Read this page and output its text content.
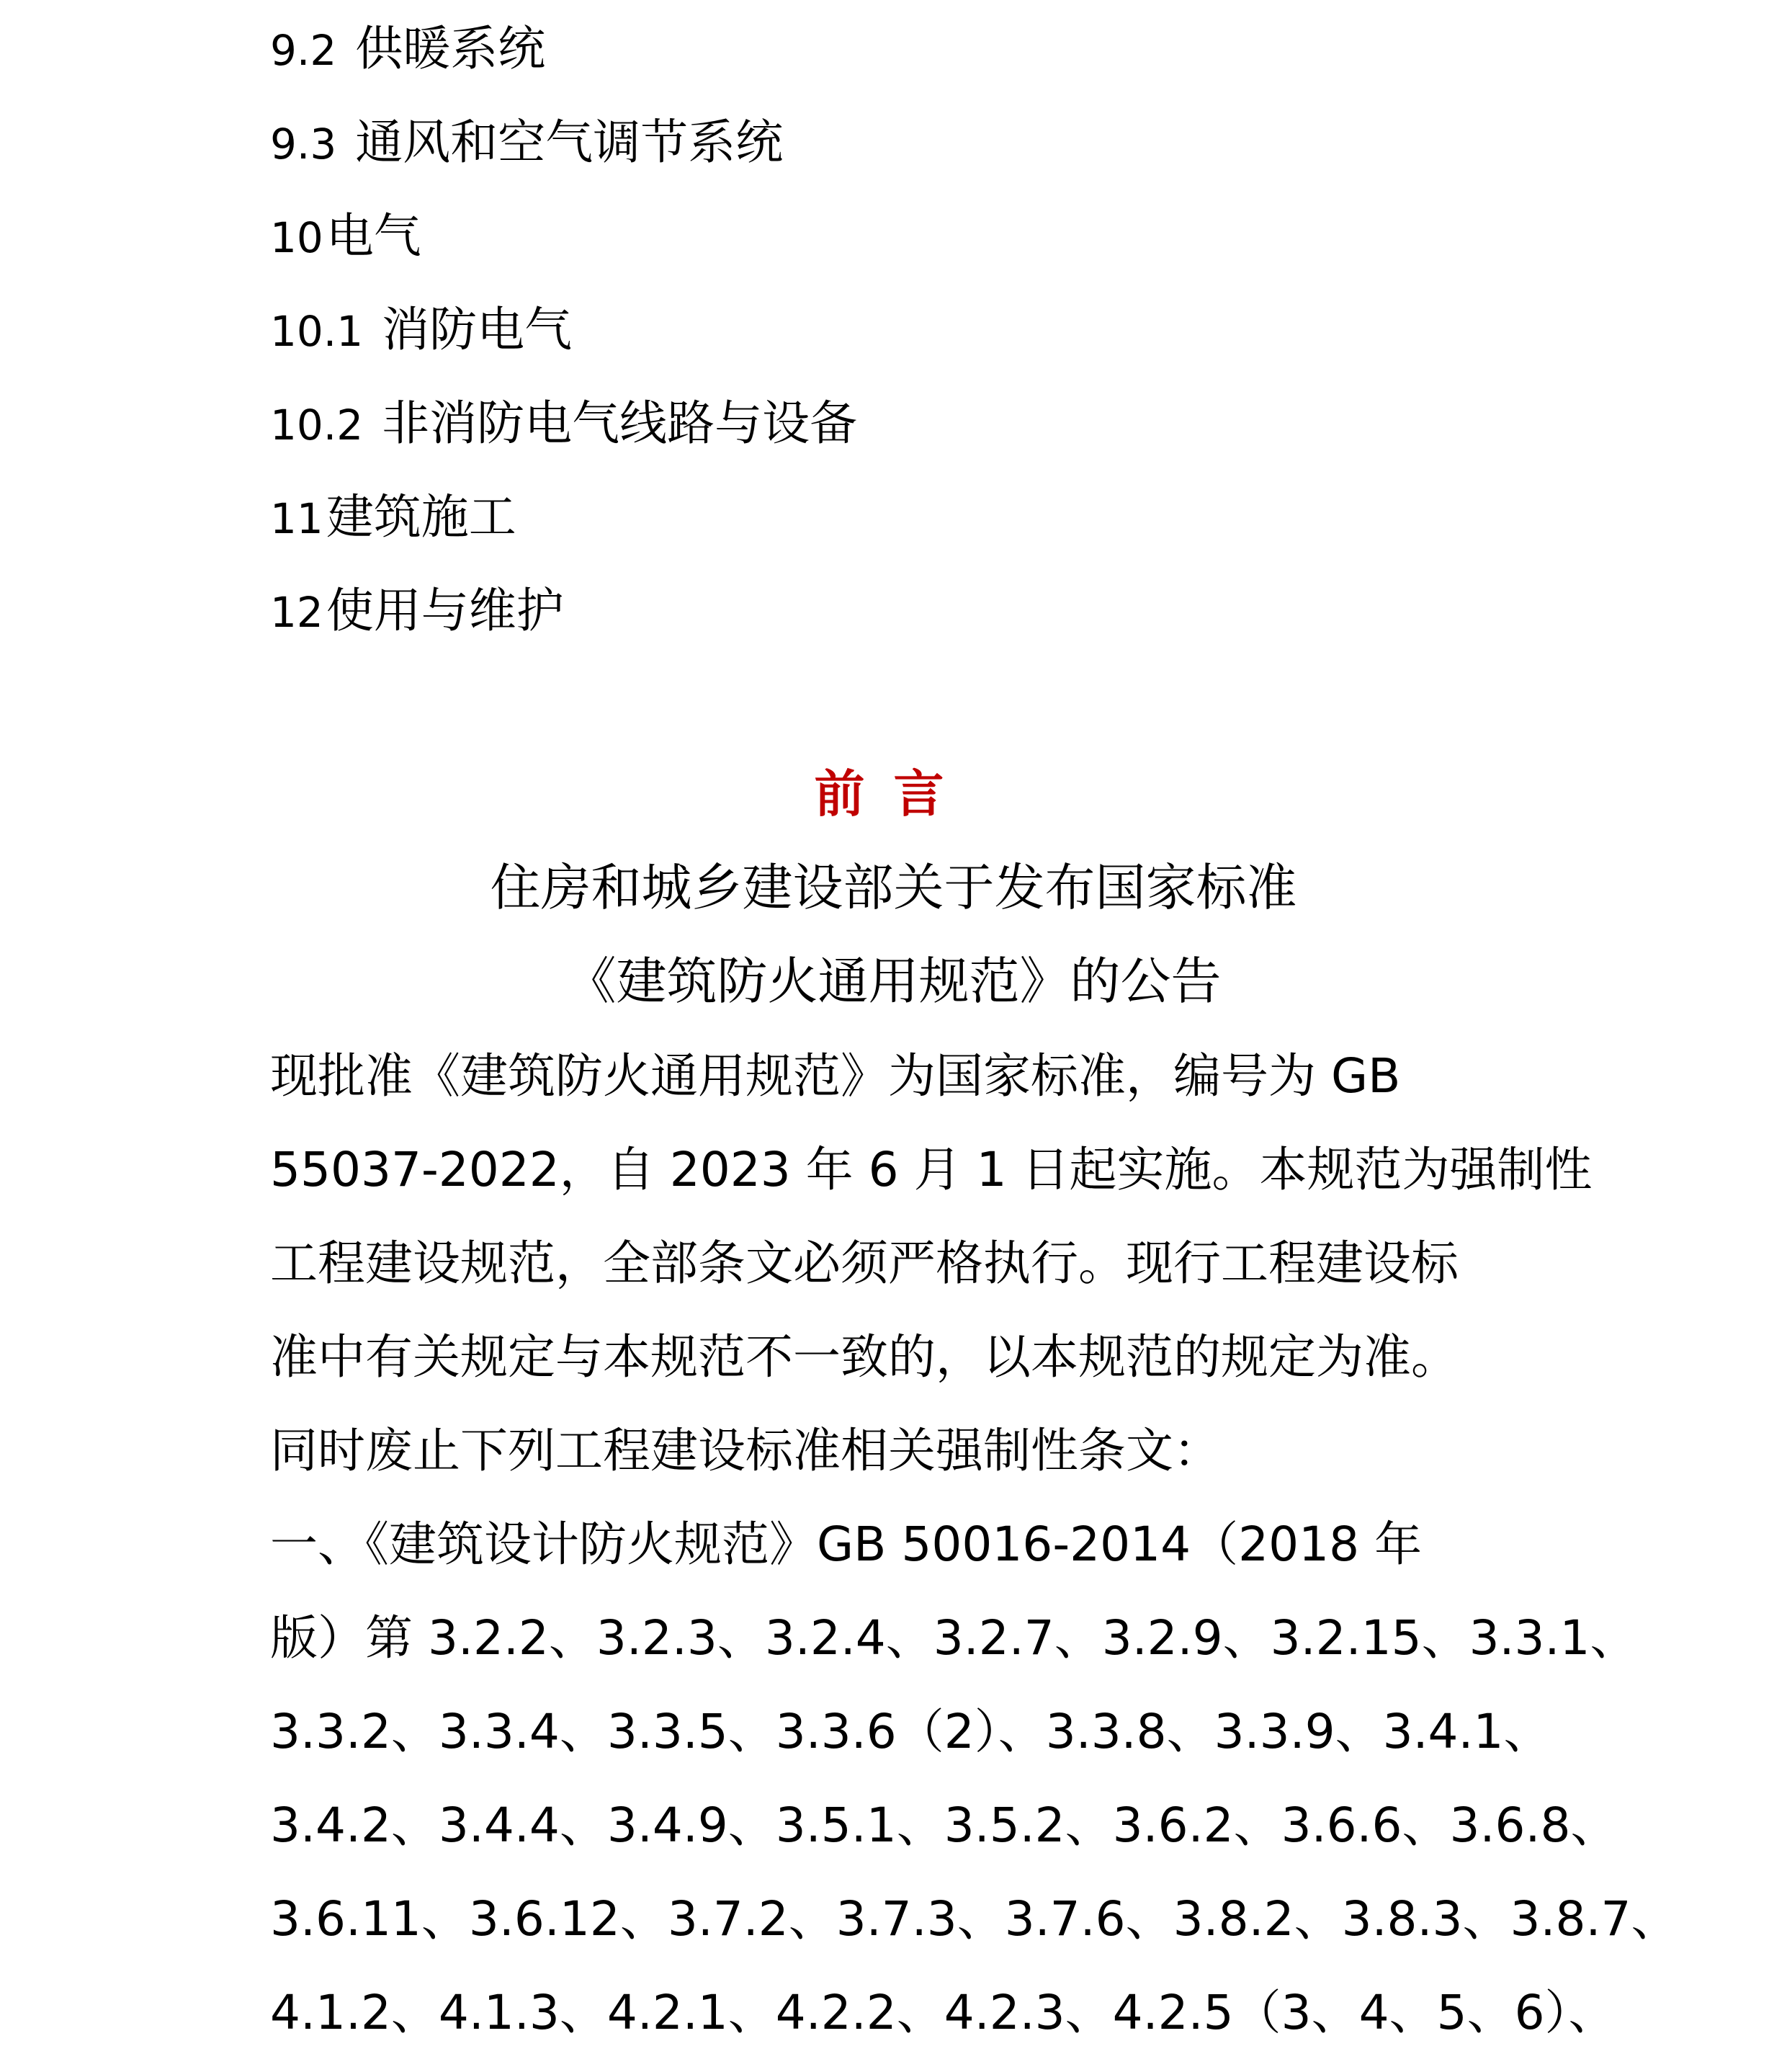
9.2 供暖系统
9.3 通风和空气调节系统
10电气
10.1 消防电气
10.2 非消防电气线路与设备
11建筑施工
12使用与维护
前言
住房和城乡建设部关于发布国家标准
《建筑防火通用规范》的公告
现批准《建筑防火通用规范》为国家标准，编号为 GB
55037-2022，自 2023 年 6 月 1 日起实施。本规范为强制性
工程建设规范，全部条文必须严格执行。现行工程建设标
准中有关规定与本规范不一致的，以本规范的规定为准。
同时废止下列工程建设标准相关强制性条文：
一、《建筑设计防火规范》GB 50016-2014（2018 年
版）第 3.2.2、3.2.3、3.2.4、3.2.7、3.2.9、3.2.15、3.3.1、
3.3.2、3.3.4、3.3.5、3.3.6（2）、3.3.8、3.3.9、3.4.1、
3.4.2、3.4.4、3.4.9、3.5.1、3.5.2、3.6.2、3.6.6、3.6.8、
3.6.11、3.6.12、3.7.2、3.7.3、3.7.6、3.8.2、3.8.3、3.8.7、
4.1.2、4.1.3、4.2.1、4.2.2、4.2.3、4.2.5（3、4、5、6）、
